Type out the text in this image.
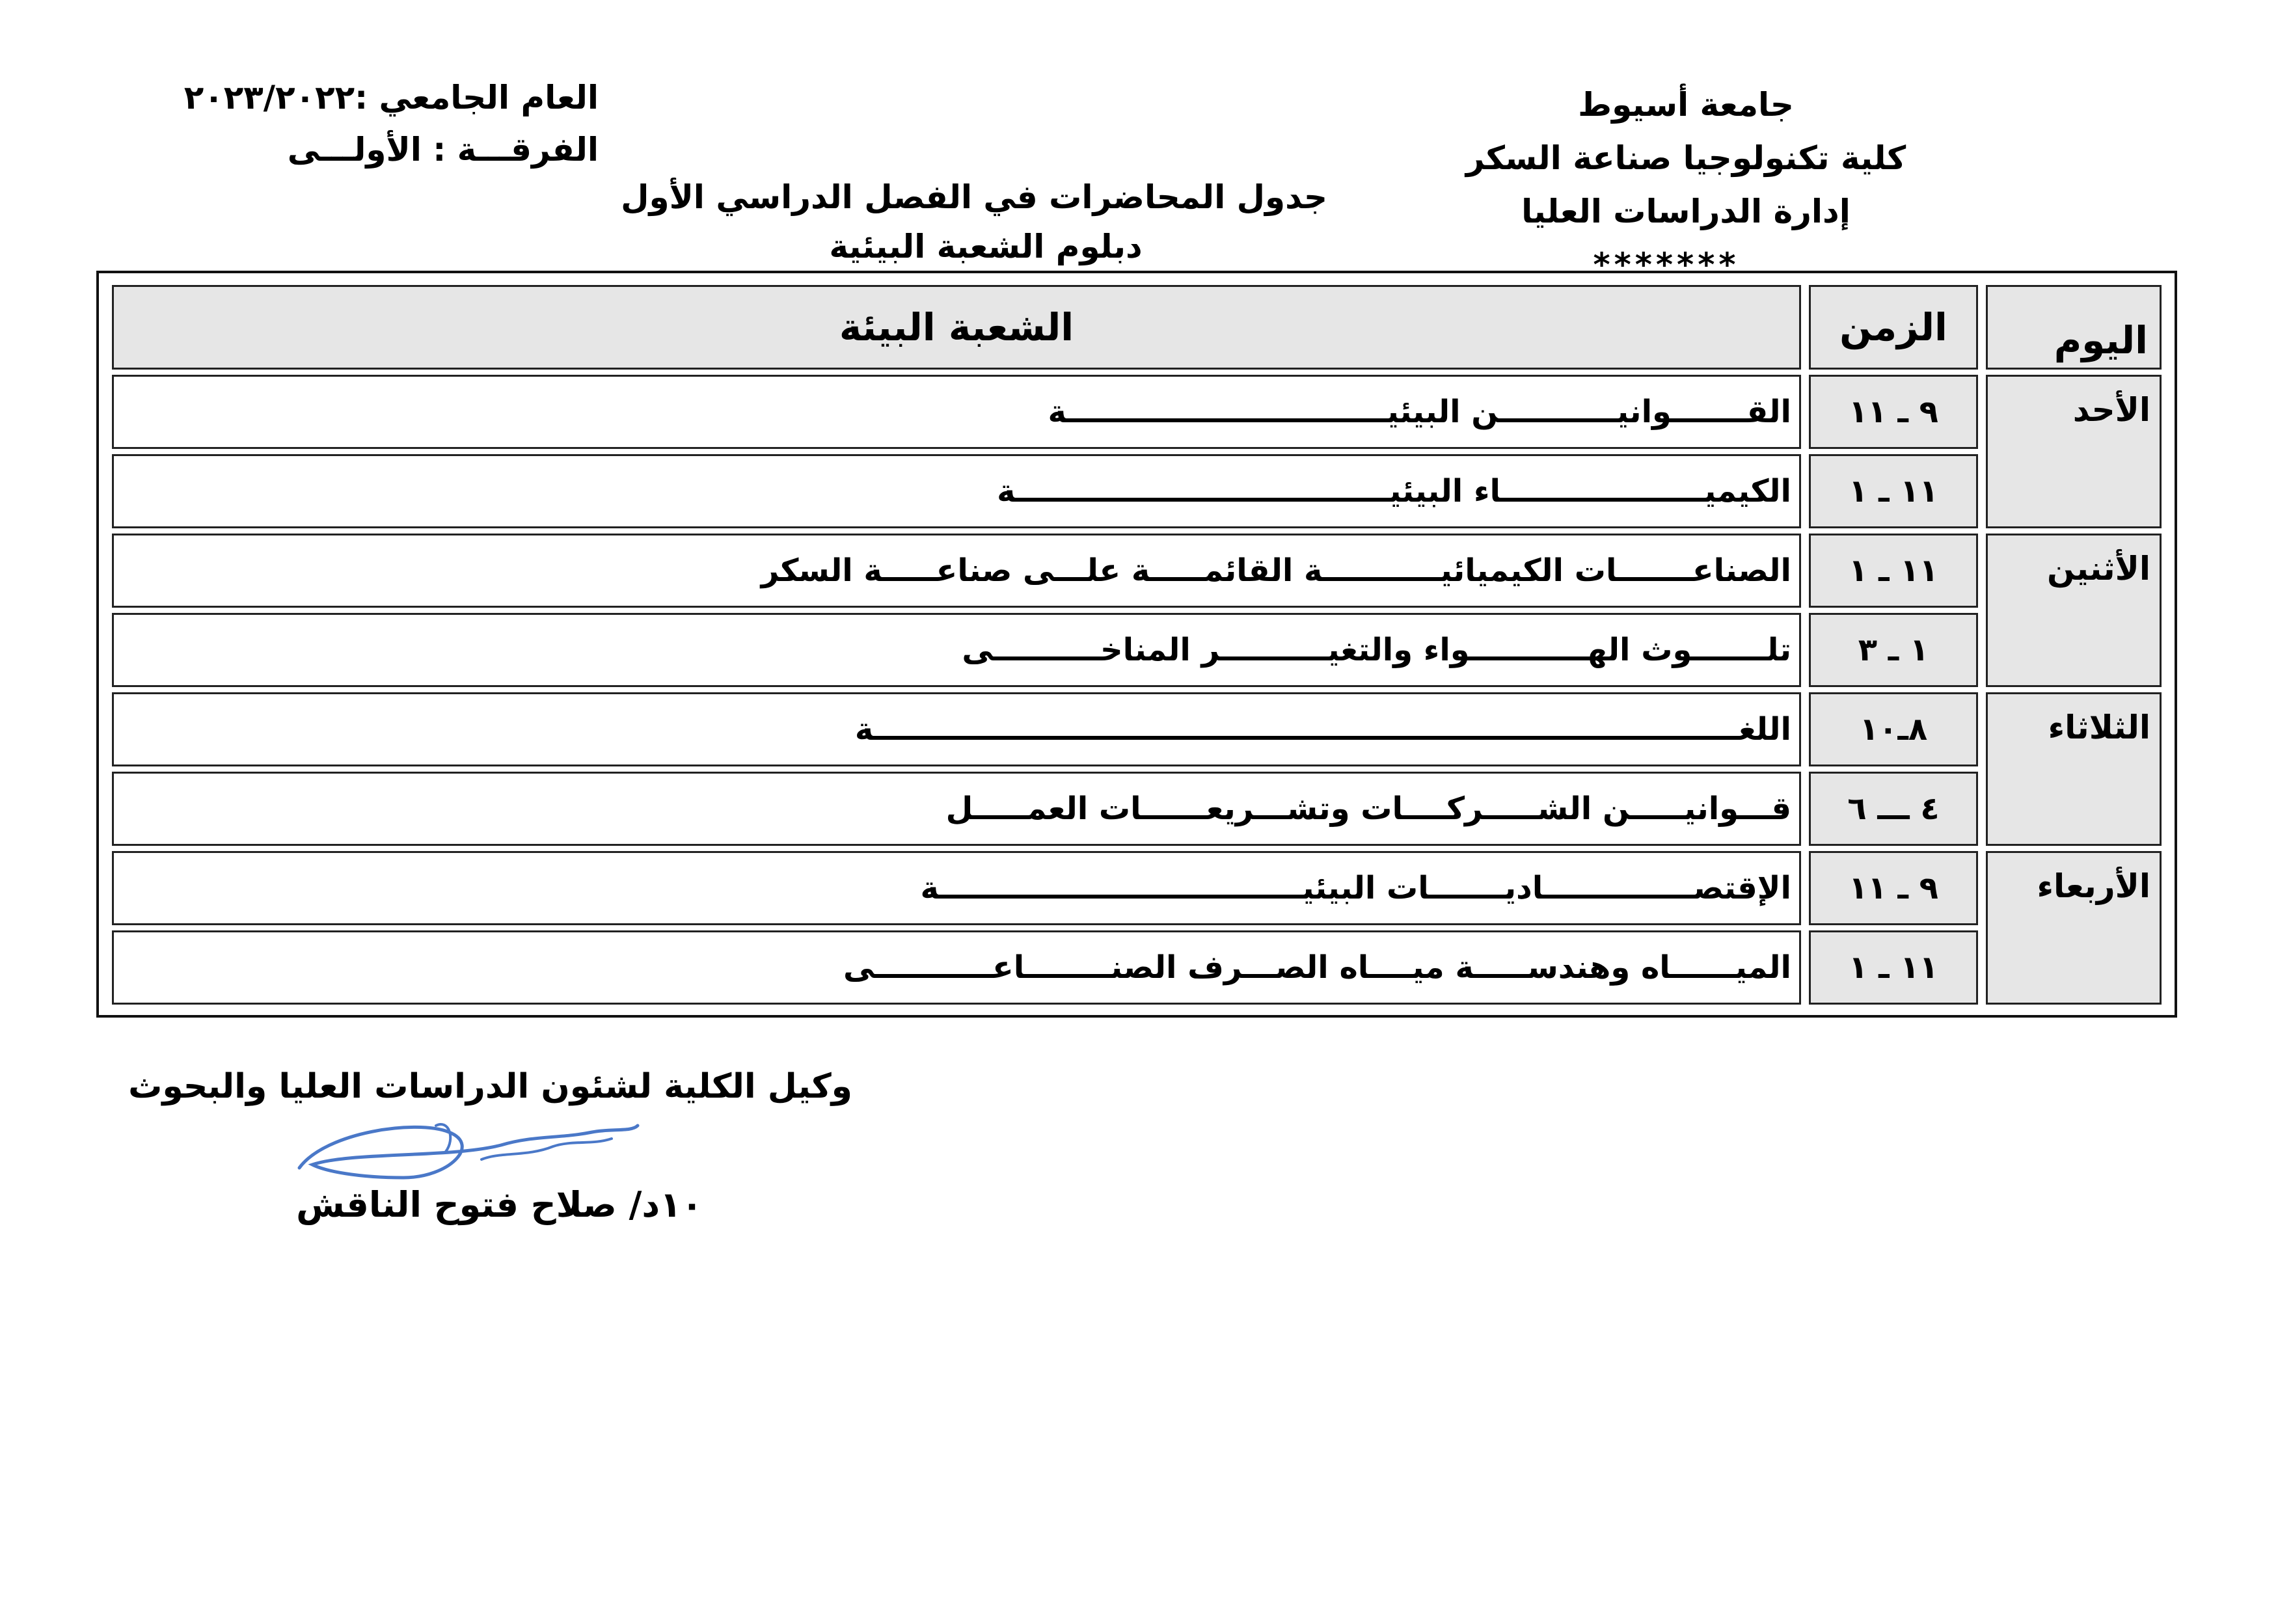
جامعة أسيوط
كلية تكنولوجيا صناعة السكر
إدارة الدراسات العليا
*******
العام الجامعي :٢٠٢٣/٢٠٢٢
الفرقـــة : الأولـــى
جدول المحاضرات في الفصل الدراسي الأول
دبلوم الشعبة البيئية
اليوم	الزمن	الشعبة البيئة
الأحد	٩ ـ ١١	القـــــــوانيـــــــــــن البيئيــــــــــــــــــــــــــــــة
	١١ ـ ١	الكيميـــــــــــــــــــاء البيئيـــــــــــــــــــــــــــــــــــة
الأثنين	١١ ـ ١	الصناعـــــــات الكيميائيـــــــــــة القائمـــــة علـــى صناعـــــة السكر
	١ ـ ٣	تلـــــــوث الهـــــــــــواء والتغيــــــــــر المناخــــــــــى
الثلاثاء	٨ـ١٠	اللغـــــــــــــــــــــــــــــــــــــــــــــــــــــــــــــــــــــــــــــــــة
	٤ ـــ ٦	قـــوانيـــــن الشـــــركــــات وتشـــريعــــــات العمـــــل
الأربعاء	٩ ـ ١١	الإقتصــــــــــــــاديـــــــات البيئيــــــــــــــــــــــــــــــــــة
	١١ ـ ١	الميــــــاه وهندســـــة ميــــاه الصـــرف الصنــــــــاعـــــــــــى
وكيل الكلية لشئون الدراسات العليا والبحوث
١٠د/ صلاح فتوح الناقش
